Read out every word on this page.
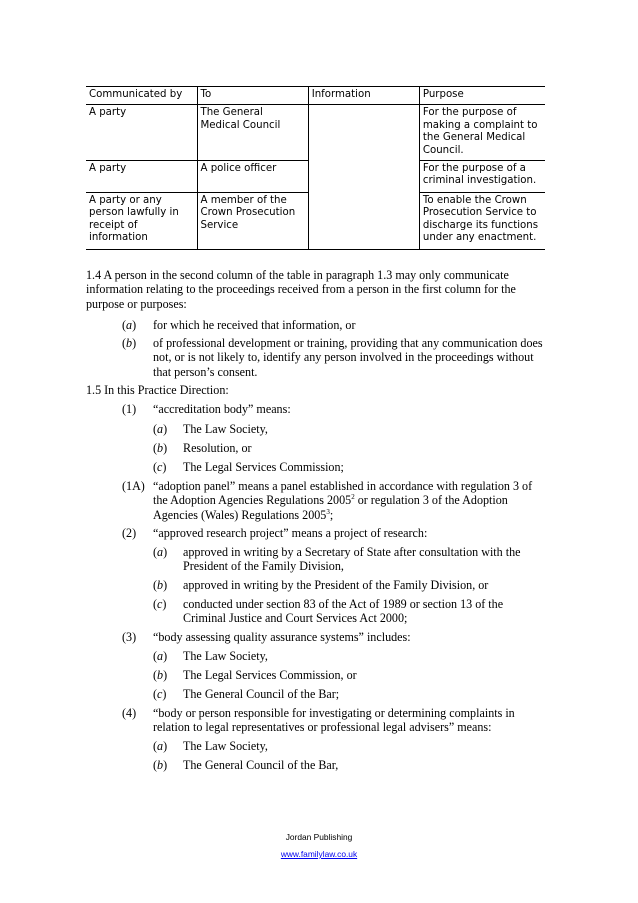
Communicated by	To	Information	Purpose
A party	The General Medical Council		For the purpose of making a complaint to the General Medical Council.
A party	A police officer		For the purpose of a criminal investigation.
A party or any person lawfully in receipt of information	A member of the Crown Prosecution Service		To enable the Crown Prosecution Service to discharge its functions under any enactment.
1.4 A person in the second column of the table in paragraph 1.3 may only communicate information relating to the proceedings received from a person in the first column for the purpose or purposes:
(a) for which he received that information, or
(b) of professional development or training, providing that any communication does not, or is not likely to, identify any person involved in the proceedings without that person’s consent.
1.5 In this Practice Direction:
(1) “accreditation body” means:
(a) The Law Society,
(b) Resolution, or
(c) The Legal Services Commission;
(1A) “adoption panel” means a panel established in accordance with regulation 3 of the Adoption Agencies Regulations 2005$^2$ or regulation 3 of the Adoption Agencies (Wales) Regulations 2005$^3$;
(2) “approved research project” means a project of research:
(a) approved in writing by a Secretary of State after consultation with the President of the Family Division,
(b) approved in writing by the President of the Family Division, or
(c) conducted under section 83 of the Act of 1989 or section 13 of the Criminal Justice and Court Services Act 2000;
(3) “body assessing quality assurance systems” includes:
(a) The Law Society,
(b) The Legal Services Commission, or
(c) The General Council of the Bar;
(4) “body or person responsible for investigating or determining complaints in relation to legal representatives or professional legal advisers” means:
(a) The Law Society,
(b) The General Council of the Bar,
Jordan Publishing
www.familylaw.co.uk
